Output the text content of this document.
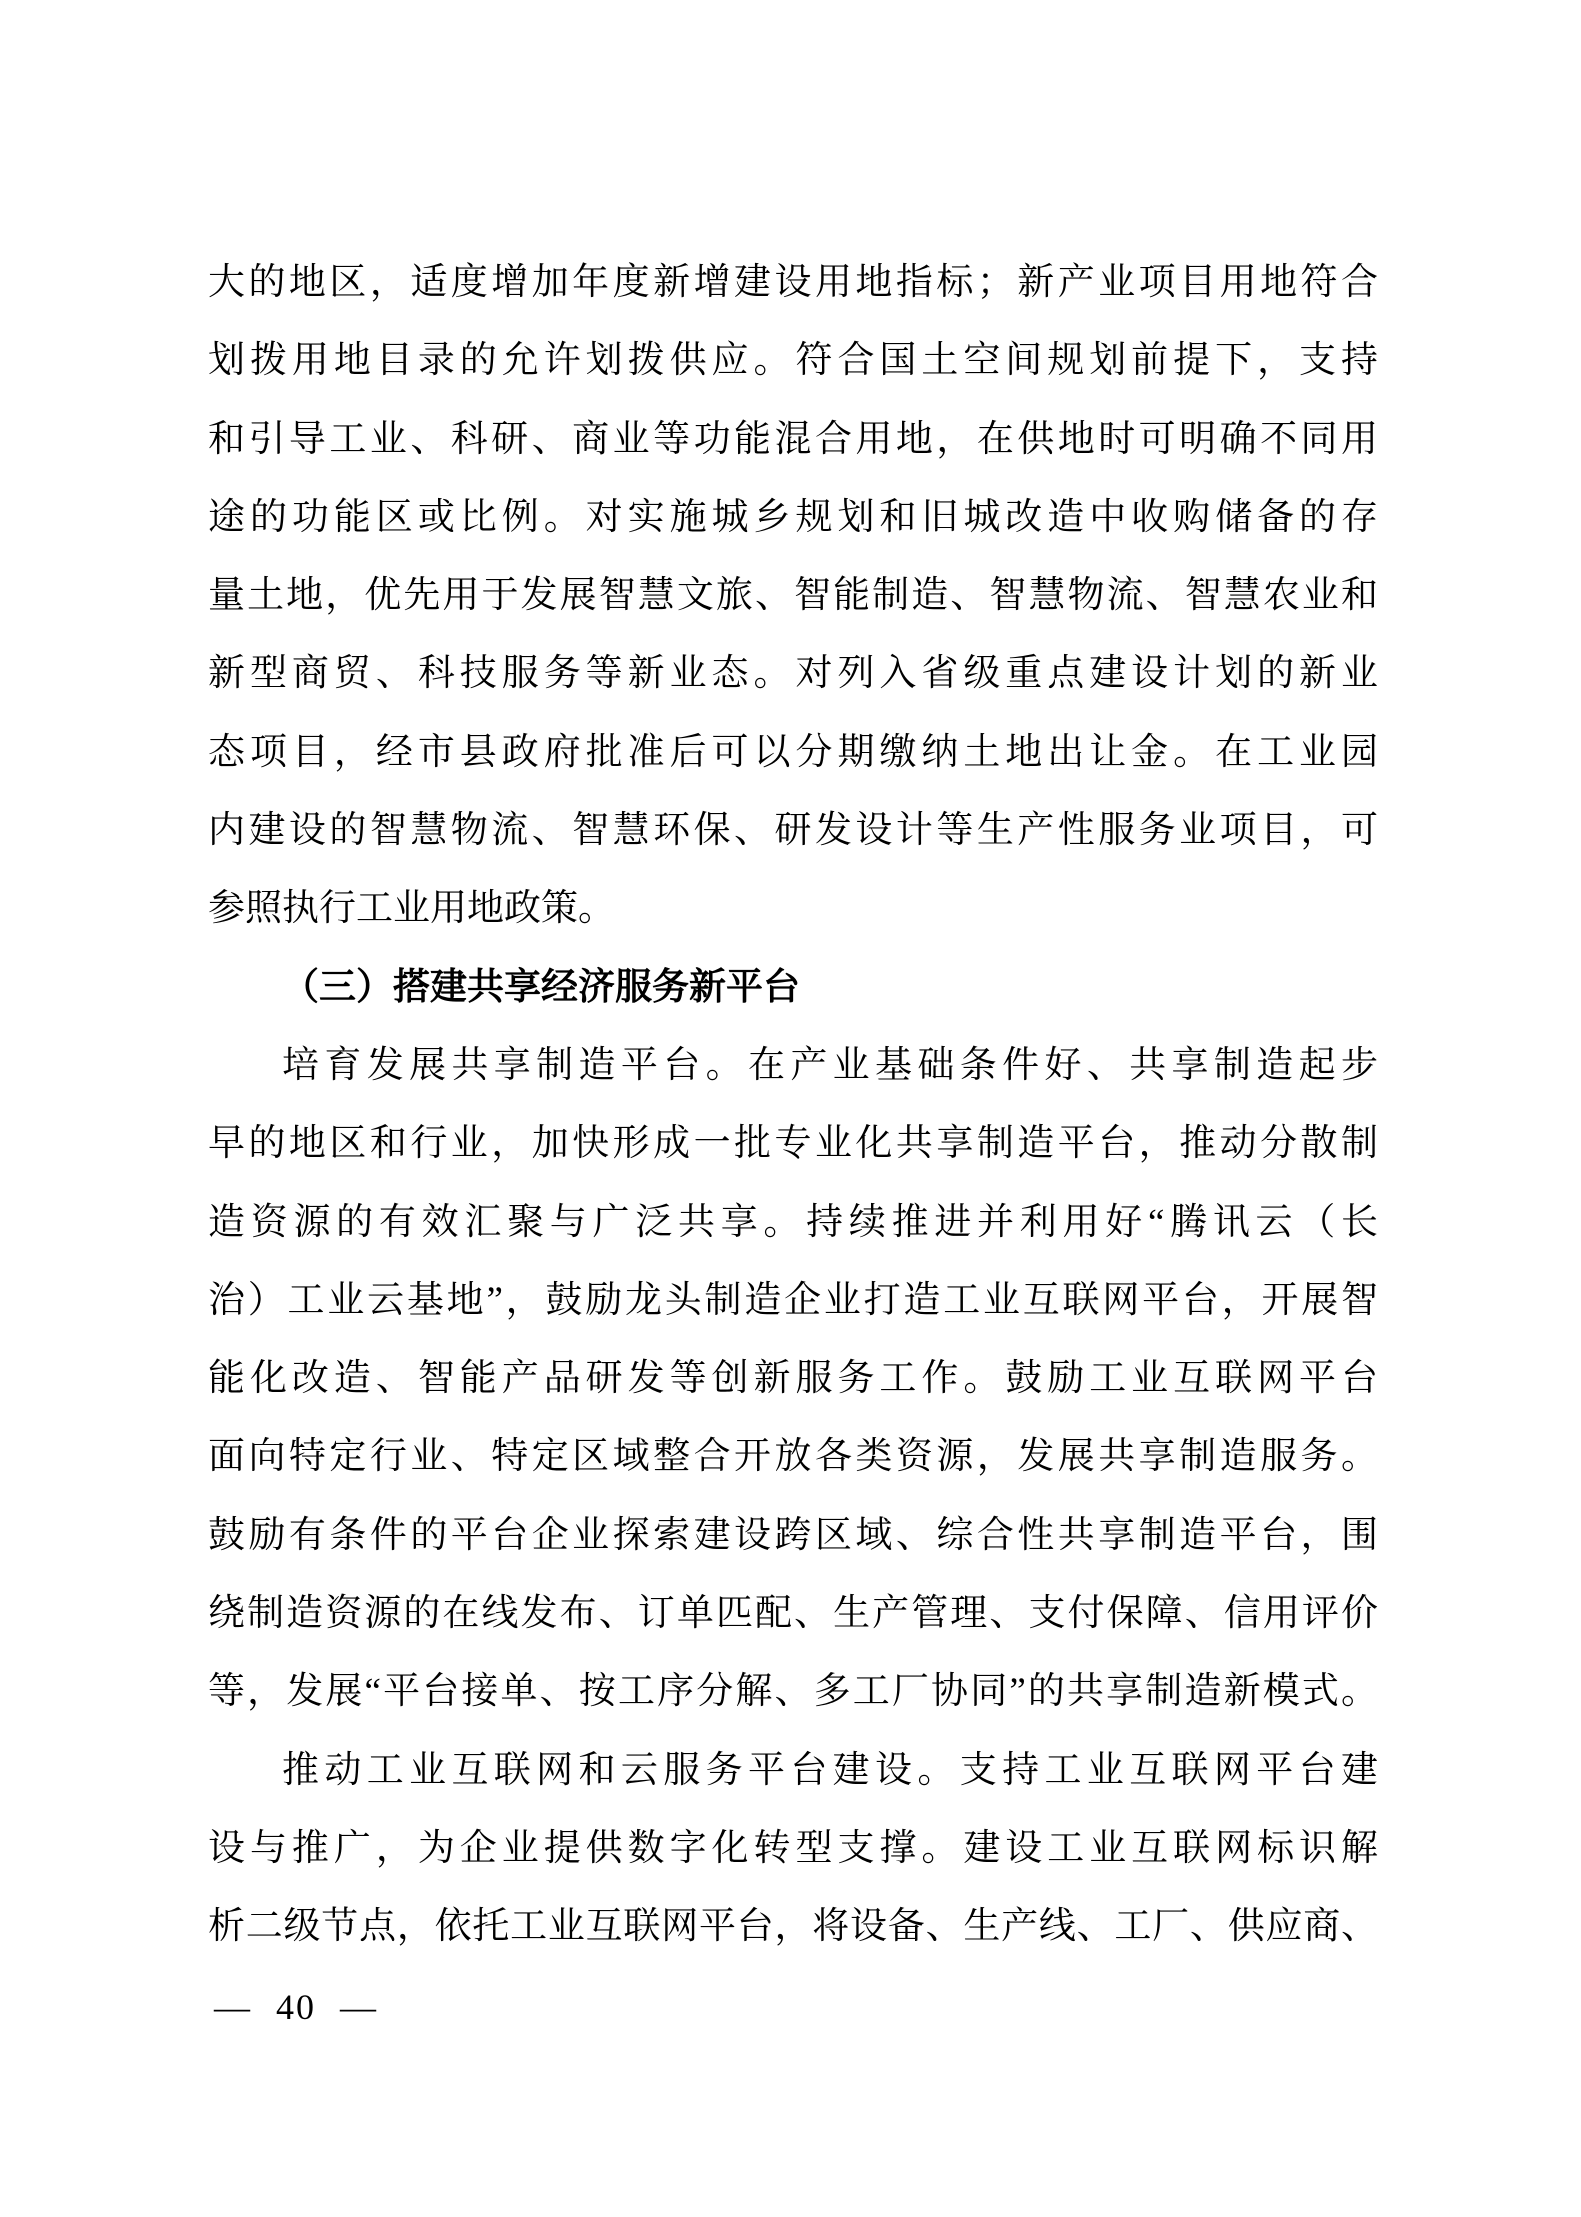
大的地区，适度增加年度新增建设用地指标；新产业项目用地符合
划拨用地目录的允许划拨供应。符合国土空间规划前提下，支持
和引导工业、科研、商业等功能混合用地，在供地时可明确不同用
途的功能区或比例。对实施城乡规划和旧城改造中收购储备的存
量土地，优先用于发展智慧文旅、智能制造、智慧物流、智慧农业和
新型商贸、科技服务等新业态。对列入省级重点建设计划的新业
态项目，经市县政府批准后可以分期缴纳土地出让金。在工业园
内建设的智慧物流、智慧环保、研发设计等生产性服务业项目，可
参照执行工业用地政策。
（三）搭建共享经济服务新平台
培育发展共享制造平台。在产业基础条件好、共享制造起步
早的地区和行业，加快形成一批专业化共享制造平台，推动分散制
造资源的有效汇聚与广泛共享。持续推进并利用好“腾讯云（长
治）工业云基地”，鼓励龙头制造企业打造工业互联网平台，开展智
能化改造、智能产品研发等创新服务工作。鼓励工业互联网平台
面向特定行业、特定区域整合开放各类资源，发展共享制造服务。
鼓励有条件的平台企业探索建设跨区域、综合性共享制造平台，围
绕制造资源的在线发布、订单匹配、生产管理、支付保障、信用评价
等，发展“平台接单、按工序分解、多工厂协同”的共享制造新模式。
推动工业互联网和云服务平台建设。支持工业互联网平台建
设与推广，为企业提供数字化转型支撑。建设工业互联网标识解
析二级节点，依托工业互联网平台，将设备、生产线、工厂、供应商、
— 40 —
